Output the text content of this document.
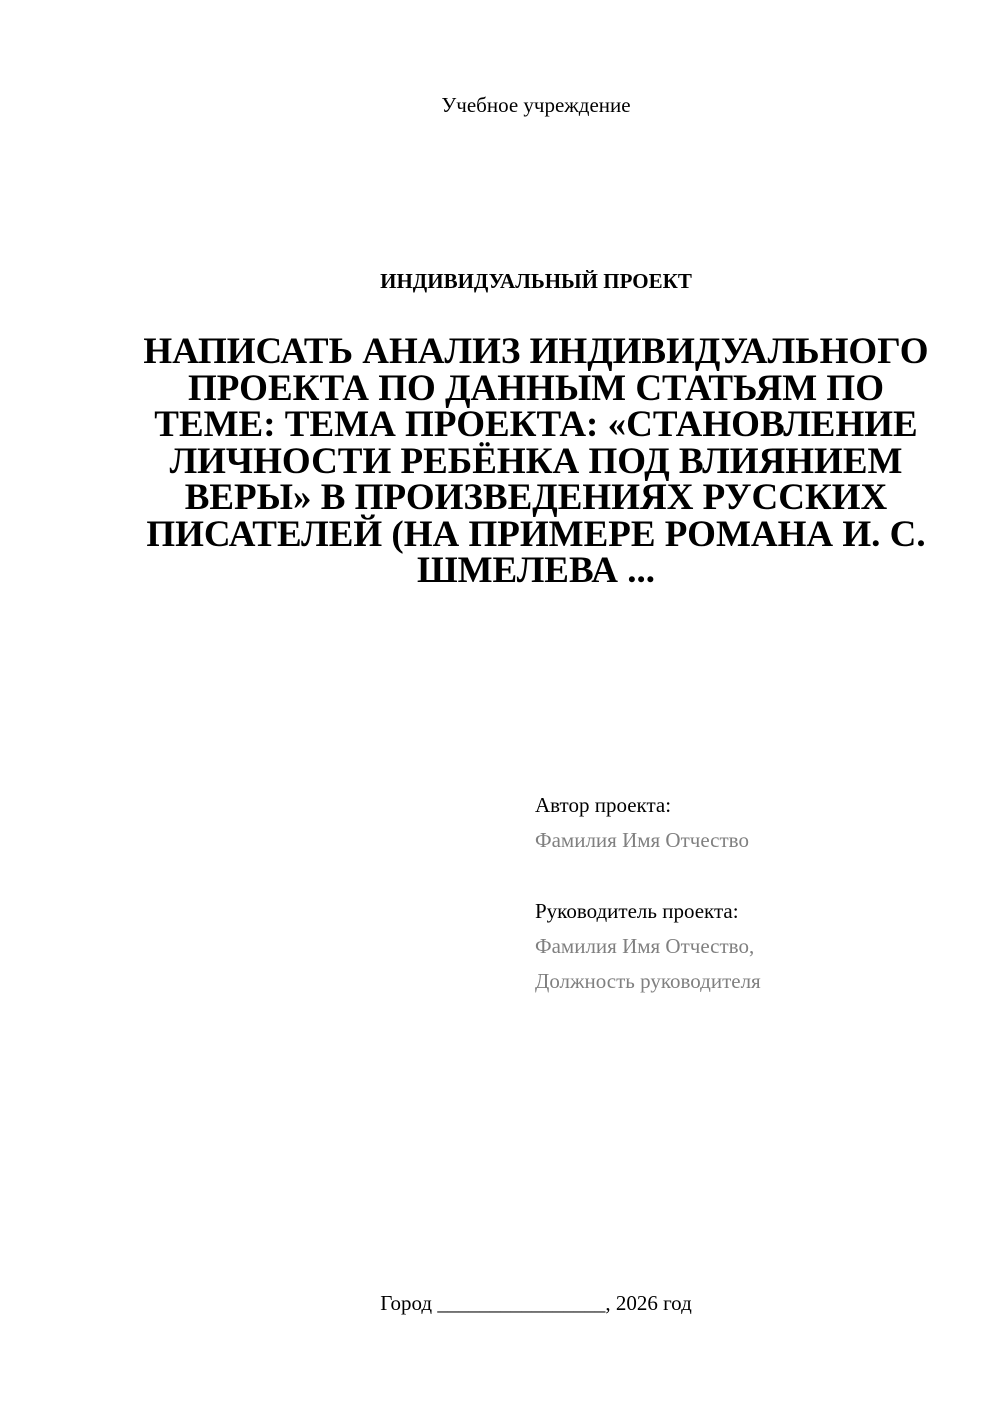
Учебное учреждение
ИНДИВИДУАЛЬНЫЙ ПРОЕКТ
НАПИСАТЬ АНАЛИЗ ИНДИВИДУАЛЬНОГО ПРОЕКТА ПО ДАННЫМ СТАТЬЯМ ПО ТЕМЕ: ТЕМА ПРОЕКТА: «СТАНОВЛЕНИЕ ЛИЧНОСТИ РЕБЁНКА ПОД ВЛИЯНИЕМ ВЕРЫ» В ПРОИЗВЕДЕНИЯХ РУССКИХ ПИСАТЕЛЕЙ (НА ПРИМЕРЕ РОМАНА И. С. ШМЕЛЕВА ...
Автор проекта:
Фамилия Имя Отчество
Руководитель проекта:
Фамилия Имя Отчество,
Должность руководителя
Город ________________, 2026 год
